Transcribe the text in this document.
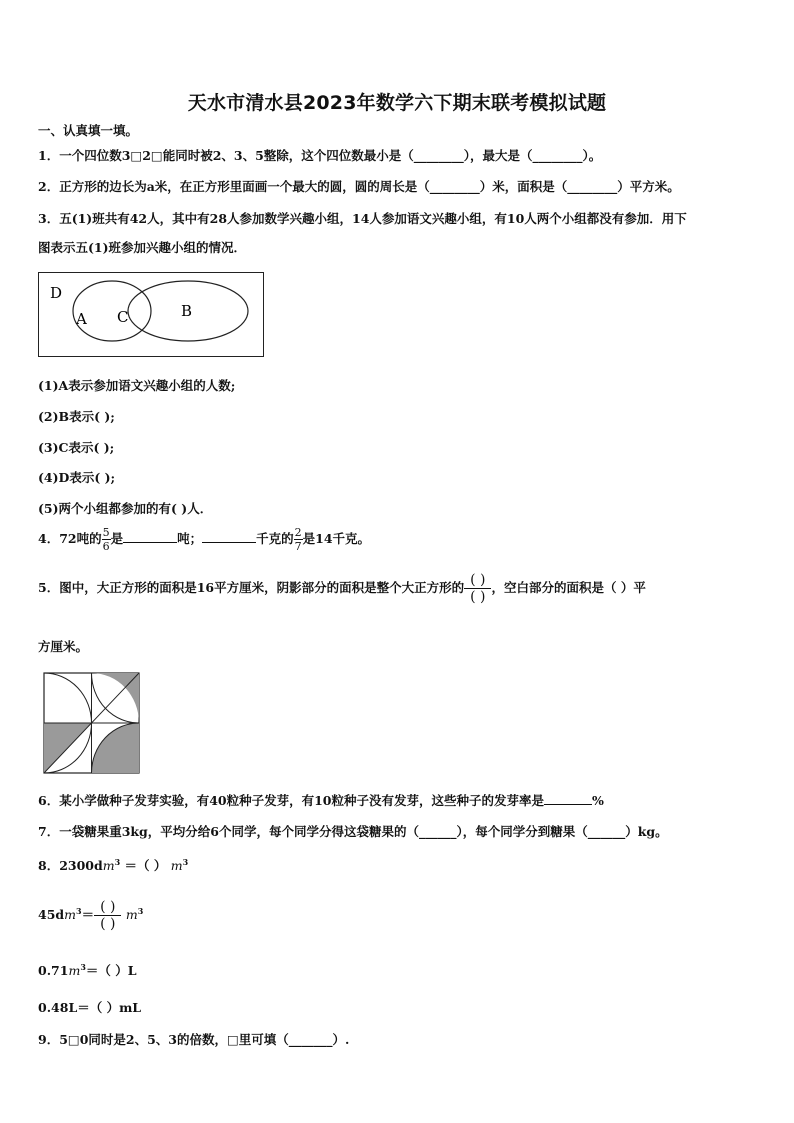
天水市清水县2023年数学六下期末联考模拟试题
一、认真填一填。
1．一个四位数3□2□能同时被2、3、5整除，这个四位数最小是（________），最大是（________）。
2．正方形的边长为a米，在正方形里面画一个最大的圆，圆的周长是（________）米，面积是（________）平方米。
3．五(1)班共有42人，其中有28人参加数学兴趣小组，14人参加语文兴趣小组，有10人两个小组都没有参加．用下
图表示五(1)班参加兴趣小组的情况．
D
A C	B
(1)A表示参加语文兴趣小组的人数;
(2)B表示( );
(3)C表示( );
(4)D表示( );
(5)两个小组都参加的有( )人．
4．72吨的 $\frac{5}{6}$ 是	吨；	千克的 $\frac{2}{7}$ 是14千克。
5．图中，大正方形的面积是16平方厘米，阴影部分的面积是整个大正方形的 $\frac{( )}{( )}$ ，空白部分的面积是（ ）平
方厘米。
6．某小学做种子发芽实验，有40粒种子发芽，有10粒种子没有发芽，这些种子的发芽率是	%
7．一袋糖果重3kg，平均分给6个同学，每个同学分得这袋糖果的（______），每个同学分到糖果（______）kg。
8．$2300dm^3$ ＝（ ） $m^3$
$45dm^3= \frac{( )}{( )} m^3$
$0.71m^3=$（ ）L
0.48L＝（ ）mL
9．5□0同时是2、5、3的倍数，□里可填（_______）.
